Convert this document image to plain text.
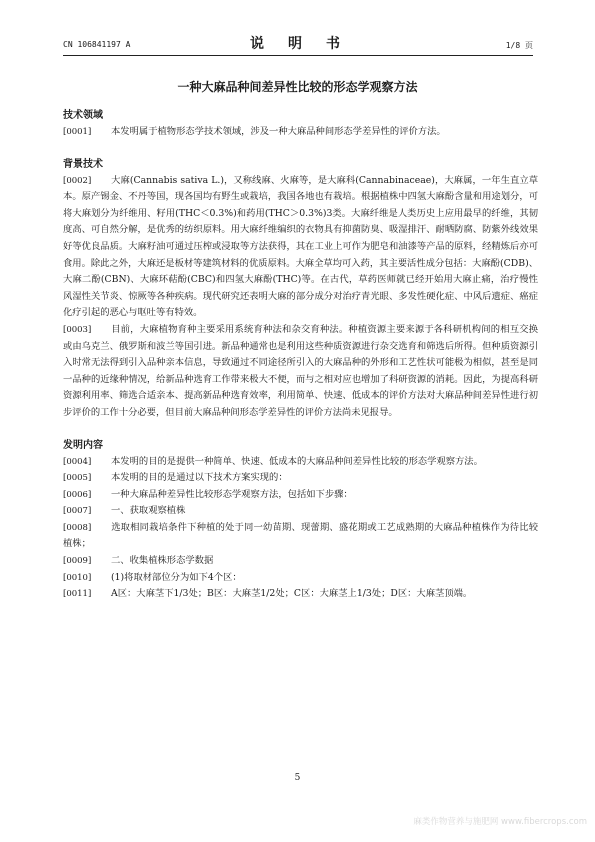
CN 106841197 A	说　明　书	1/8 页
一种大麻品种间差异性比较的形态学观察方法
技术领域

[0001] 本发明属于植物形态学技术领域，涉及一种大麻品种间形态学差异性的评价方法。

背景技术

[0002] 大麻(Cannabis sativa L.)，又称线麻、火麻等，是大麻科(Cannabinaceae)，大麻属，一年生直立草本。原产锡金、不丹等国，现各国均有野生或栽培，我国各地也有栽培。根据植株中四氢大麻酚含量和用途划分，可将大麻划分为纤维用、籽用(THC＜0.3%)和药用(THC＞0.3%)3类。大麻纤维是人类历史上应用最早的纤维，其韧度高、可自然分解，是优秀的纺织原料。用大麻纤维编织的衣物具有抑菌防臭、吸湿排汗、耐晒防腐、防紫外线效果好等优良品质。大麻籽油可通过压榨或浸取等方法获得，其在工业上可作为肥皂和油漆等产品的原料，经精炼后亦可食用。除此之外，大麻还是板材等建筑材料的优质原料。大麻全草均可入药，其主要活性成分包括：大麻酚(CDB)、大麻二酚(CBN)、大麻环萜酚(CBC)和四氢大麻酚(THC)等。在古代，草药医师就已经开始用大麻止痛，治疗慢性风湿性关节炎、惊厥等各种疾病。现代研究还表明大麻的部分成分对治疗青光眼、多发性硬化症、中风后遗症、癌症化疗引起的恶心与呕吐等有特效。

[0003] 目前，大麻植物育种主要采用系统育种法和杂交育种法。种植资源主要来源于各科研机构间的相互交换或由乌克兰、俄罗斯和波兰等国引进。新品种通常也是利用这些种质资源进行杂交选育和筛选后所得。但种质资源引入时常无法得到引入品种亲本信息，导致通过不同途径所引入的大麻品种的外形和工艺性状可能极为相似，甚至是同一品种的近缘种情况，给新品种选育工作带来极大不便，而与之相对应也增加了科研资源的消耗。因此，为提高科研资源利用率、筛选合适亲本、提高新品种选育效率，利用简单、快速、低成本的评价方法对大麻品种间差异性进行初步评价的工作十分必要，但目前大麻品种间形态学差异性的评价方法尚未见报导。

发明内容

[0004] 本发明的目的是提供一种简单、快速、低成本的大麻品种间差异性比较的形态学观察方法。

[0005] 本发明的目的是通过以下技术方案实现的：

[0006] 一种大麻品种差异性比较形态学观察方法，包括如下步骤：

[0007] 一、获取观察植株

[0008] 选取相同栽培条件下种植的处于同一幼苗期、现蕾期、盛花期或工艺成熟期的大麻品种植株作为待比较植株；

[0009] 二、收集植株形态学数据

[0010] (1)将取材部位分为如下4个区：

[0011] A区：大麻茎下1/3处；B区：大麻茎1/2处；C区：大麻茎上1/3处；D区：大麻茎顶端。

5
麻类作物营养与施肥网 www.fibercrops.com
